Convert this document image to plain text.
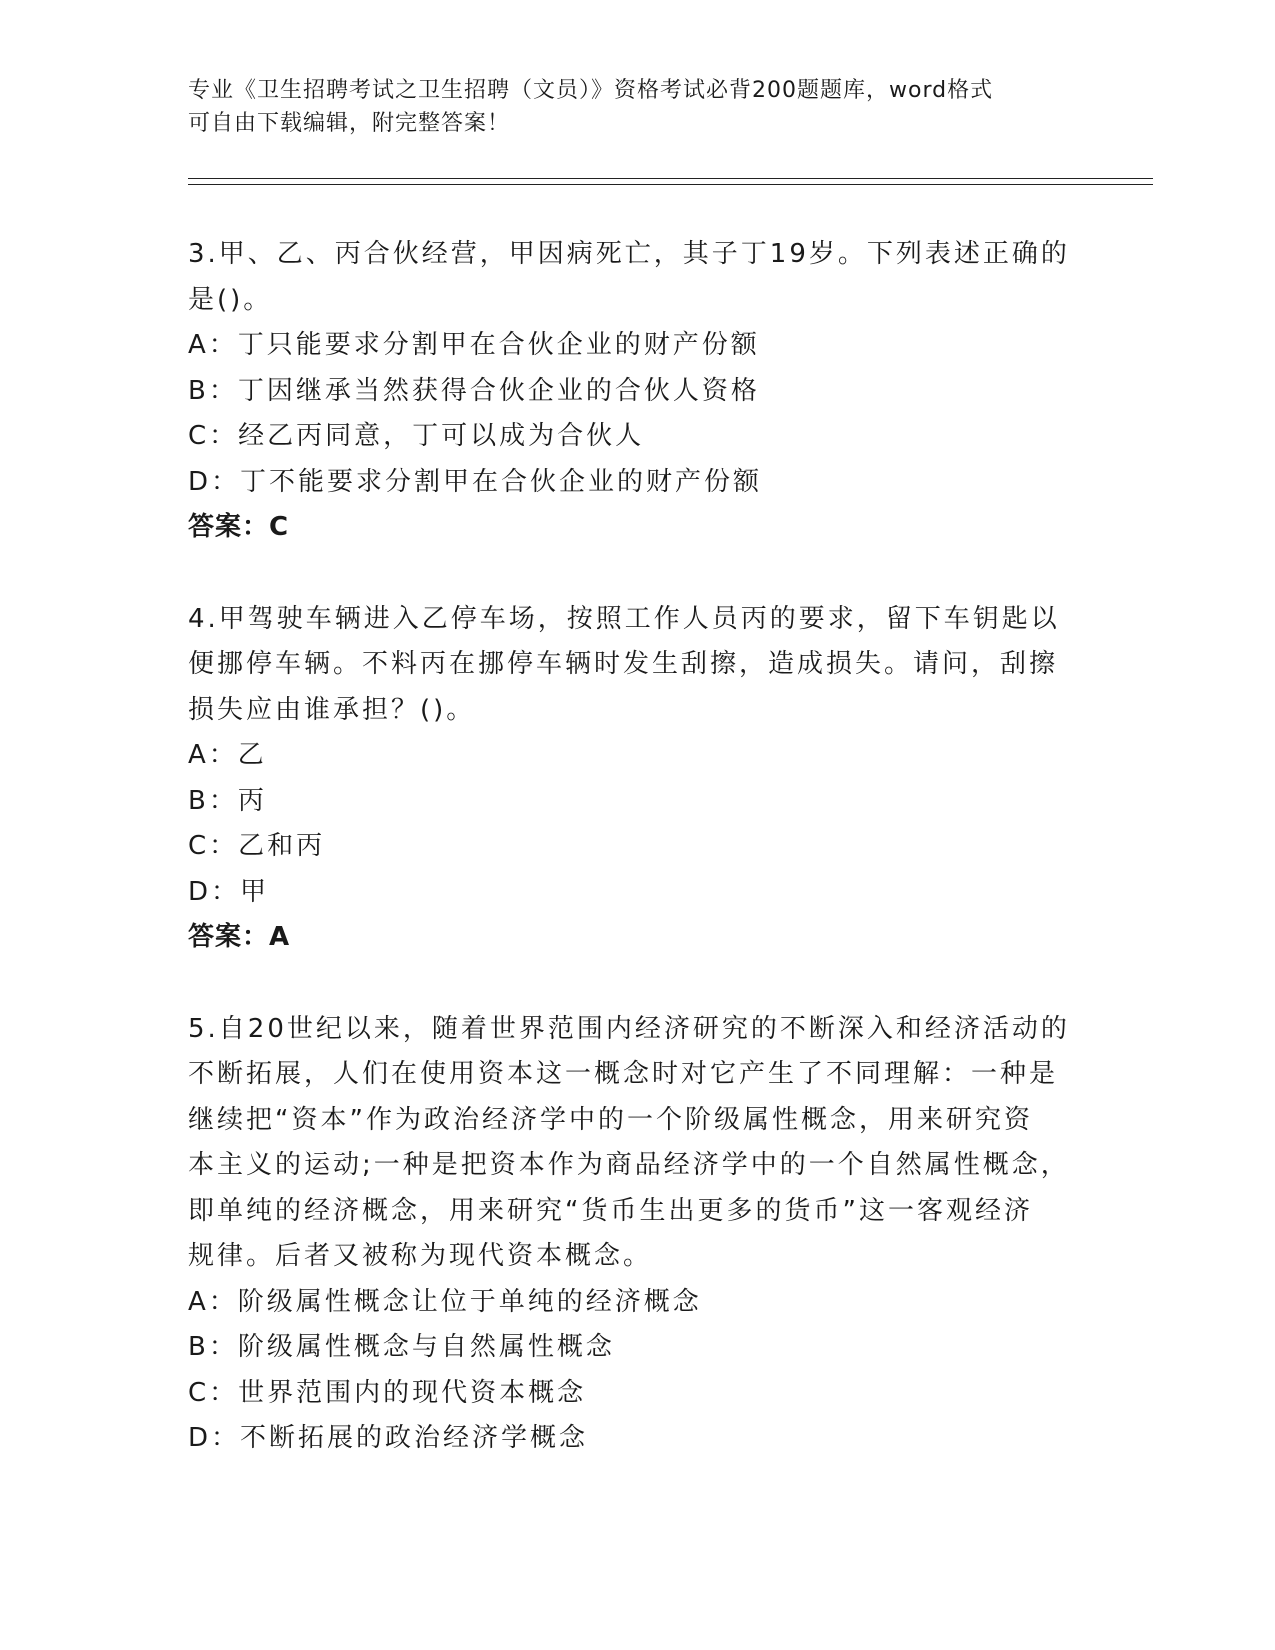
专业《卫生招聘考试之卫生招聘（文员）》资格考试必背200题题库，word格式
可自由下载编辑，附完整答案！
3.甲、乙、丙合伙经营，甲因病死亡，其子丁19岁。下列表述正确的
是()。
A：丁只能要求分割甲在合伙企业的财产份额
B：丁因继承当然获得合伙企业的合伙人资格
C：经乙丙同意，丁可以成为合伙人
D：丁不能要求分割甲在合伙企业的财产份额
答案：C
4.甲驾驶车辆进入乙停车场，按照工作人员丙的要求，留下车钥匙以
便挪停车辆。不料丙在挪停车辆时发生刮擦，造成损失。请问，刮擦
损失应由谁承担？()。
A：乙
B：丙
C：乙和丙
D：甲
答案：A
5.自20世纪以来，随着世界范围内经济研究的不断深入和经济活动的
不断拓展，人们在使用资本这一概念时对它产生了不同理解：一种是
继续把“资本”作为政治经济学中的一个阶级属性概念，用来研究资
本主义的运动;一种是把资本作为商品经济学中的一个自然属性概念，
即单纯的经济概念，用来研究“货币生出更多的货币”这一客观经济
规律。后者又被称为现代资本概念。
A：阶级属性概念让位于单纯的经济概念
B：阶级属性概念与自然属性概念
C：世界范围内的现代资本概念
D：不断拓展的政治经济学概念
